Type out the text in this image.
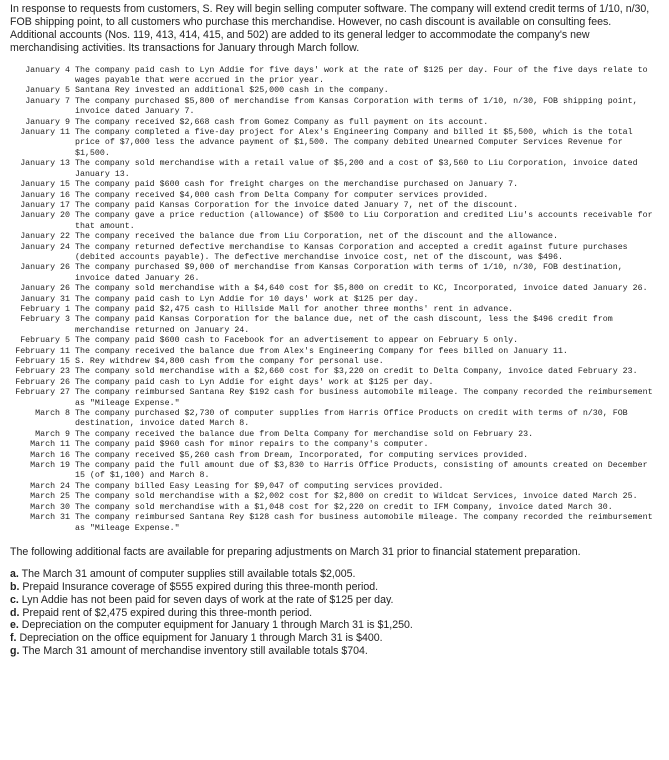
In response to requests from customers, S. Rey will begin selling computer software. The company will extend credit terms of 1/10, n/30, FOB shipping point, to all customers who purchase this merchandise. However, no cash discount is available on consulting fees. Additional accounts (Nos. 119, 413, 414, 415, and 502) are added to its general ledger to accommodate the company's new merchandising activities. Its transactions for January through March follow.

January 4 The company paid cash to Lyn Addie for five days' work at the rate of $125 per day. Four of the five days relate to wages payable that were accrued in the prior year.
January 5 Santana Rey invested an additional $25,000 cash in the company.
January 7 The company purchased $5,800 of merchandise from Kansas Corporation with terms of 1/10, n/30, FOB shipping point, invoice dated January 7.
January 9 The company received $2,668 cash from Gomez Company as full payment on its account.
January 11 The company completed a five-day project for Alex's Engineering Company and billed it $5,500, which is the total price of $7,000 less the advance payment of $1,500. The company debited Unearned Computer Services Revenue for $1,500.
January 13 The company sold merchandise with a retail value of $5,200 and a cost of $3,560 to Liu Corporation, invoice dated January 13.
January 15 The company paid $600 cash for freight charges on the merchandise purchased on January 7.
January 16 The company received $4,000 cash from Delta Company for computer services provided.
January 17 The company paid Kansas Corporation for the invoice dated January 7, net of the discount.
January 20 The company gave a price reduction (allowance) of $500 to Liu Corporation and credited Liu's accounts receivable for that amount.
January 22 The company received the balance due from Liu Corporation, net of the discount and the allowance.
January 24 The company returned defective merchandise to Kansas Corporation and accepted a credit against future purchases (debited accounts payable). The defective merchandise invoice cost, net of the discount, was $496.
January 26 The company purchased $9,000 of merchandise from Kansas Corporation with terms of 1/10, n/30, FOB destination, invoice dated January 26.
January 26 The company sold merchandise with a $4,640 cost for $5,800 on credit to KC, Incorporated, invoice dated January 26.
January 31 The company paid cash to Lyn Addie for 10 days' work at $125 per day.
February 1 The company paid $2,475 cash to Hillside Mall for another three months' rent in advance.
February 3 The company paid Kansas Corporation for the balance due, net of the cash discount, less the $496 credit from merchandise returned on January 24.
February 5 The company paid $600 cash to Facebook for an advertisement to appear on February 5 only.
February 11 The company received the balance due from Alex's Engineering Company for fees billed on January 11.
February 15 S. Rey withdrew $4,800 cash from the company for personal use.
February 23 The company sold merchandise with a $2,660 cost for $3,220 on credit to Delta Company, invoice dated February 23.
February 26 The company paid cash to Lyn Addie for eight days' work at $125 per day.
February 27 The company reimbursed Santana Rey $192 cash for business automobile mileage. The company recorded the reimbursement as "Mileage Expense."
March 8 The company purchased $2,730 of computer supplies from Harris Office Products on credit with terms of n/30, FOB destination, invoice dated March 8.
March 9 The company received the balance due from Delta Company for merchandise sold on February 23.
March 11 The company paid $960 cash for minor repairs to the company's computer.
March 16 The company received $5,260 cash from Dream, Incorporated, for computing services provided.
March 19 The company paid the full amount due of $3,830 to Harris Office Products, consisting of amounts created on December 15 (of $1,100) and March 8.
March 24 The company billed Easy Leasing for $9,047 of computing services provided.
March 25 The company sold merchandise with a $2,002 cost for $2,800 on credit to Wildcat Services, invoice dated March 25.
March 30 The company sold merchandise with a $1,048 cost for $2,220 on credit to IFM Company, invoice dated March 30.
March 31 The company reimbursed Santana Rey $128 cash for business automobile mileage. The company recorded the reimbursement as "Mileage Expense."

The following additional facts are available for preparing adjustments on March 31 prior to financial statement preparation.

a. The March 31 amount of computer supplies still available totals $2,005.
b. Prepaid Insurance coverage of $555 expired during this three-month period.
c. Lyn Addie has not been paid for seven days of work at the rate of $125 per day.
d. Prepaid rent of $2,475 expired during this three-month period.
e. Depreciation on the computer equipment for January 1 through March 31 is $1,250.
f. Depreciation on the office equipment for January 1 through March 31 is $400.
g. The March 31 amount of merchandise inventory still available totals $704.
